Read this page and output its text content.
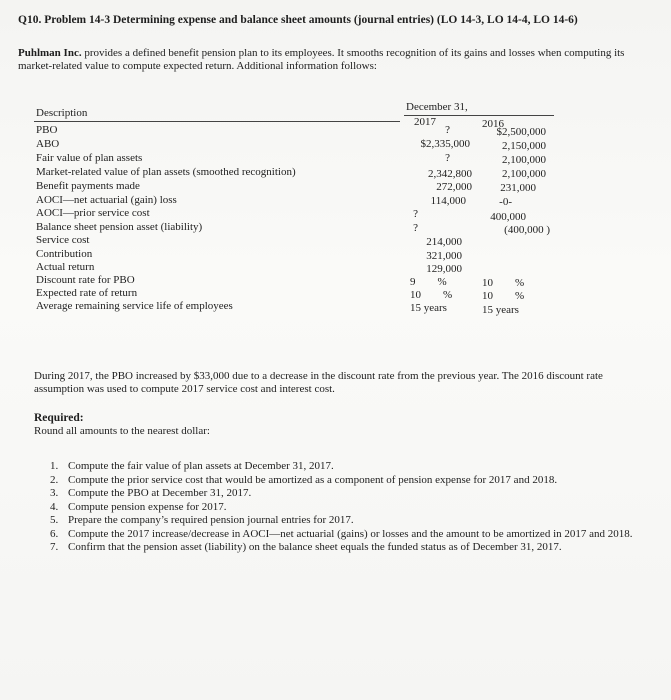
Q10. Problem 14-3 Determining expense and balance sheet amounts (journal entries) (LO 14-3, LO 14-4, LO 14-6)
Puhlman Inc. provides a defined benefit pension plan to its employees. It smooths recognition of its gains and losses when computing its market-related value to compute expected return. Additional information follows:
December 31,
2017	2016
Description
PBO	?	$2,500,000
ABO	$2,335,000	2,150,000
Fair value of plan assets	?	2,100,000
Market-related value of plan assets (smoothed recognition)	2,342,800	2,100,000
Benefit payments made	272,000	231,000
AOCI—net actuarial (gain) loss	114,000	-0-
AOCI—prior service cost	?	400,000
Balance sheet pension asset (liability)	?	(400,000 )
Service cost	214,000
Contribution	321,000
Actual return	129,000
Discount rate for PBO	9        %	10        %
Expected rate of return	10        %	10        %
Average remaining service life of employees	15 years	15 years
During 2017, the PBO increased by $33,000 due to a decrease in the discount rate from the previous year. The 2016 discount rate assumption was used to compute 2017 service cost and interest cost.
Required:
Round all amounts to the nearest dollar:
1. Compute the fair value of plan assets at December 31, 2017.
2. Compute the prior service cost that would be amortized as a component of pension expense for 2017 and 2018.
3. Compute the PBO at December 31, 2017.
4. Compute pension expense for 2017.
5. Prepare the company’s required pension journal entries for 2017.
6. Compute the 2017 increase/decrease in AOCI—net actuarial (gains) or losses and the amount to be amortized in 2017 and 2018.
7. Confirm that the pension asset (liability) on the balance sheet equals the funded status as of December 31, 2017.
